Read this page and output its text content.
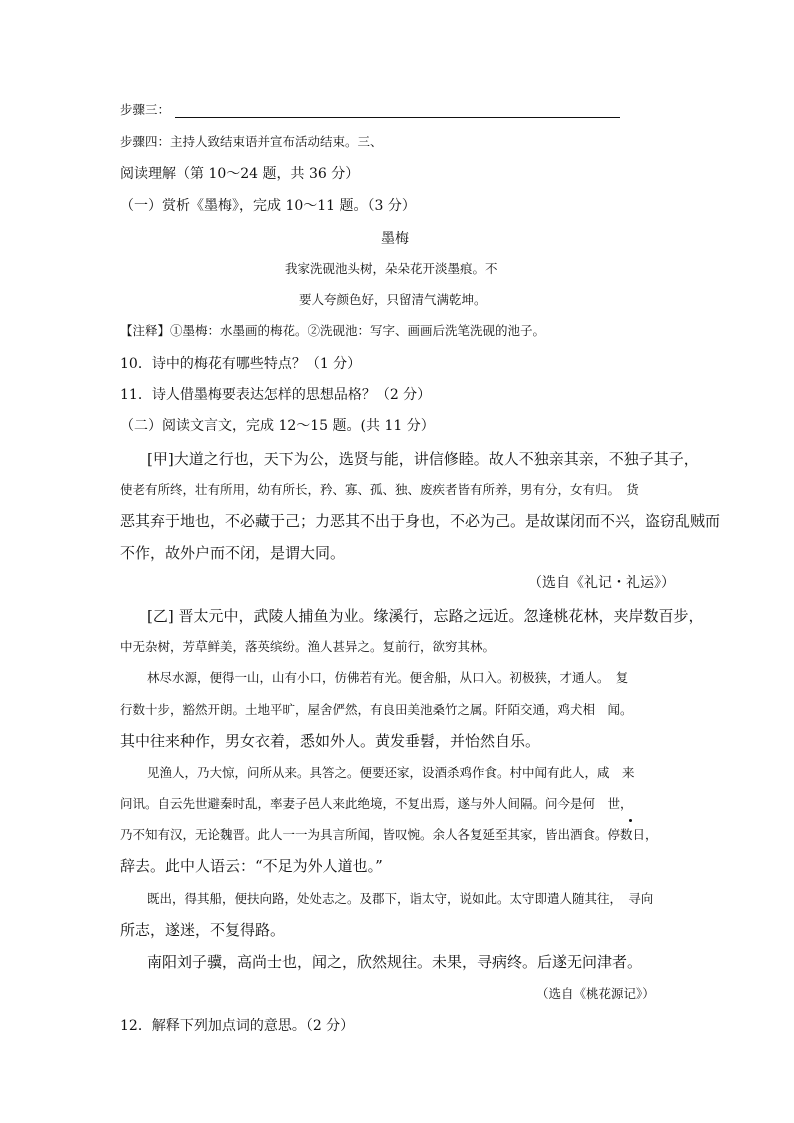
步骤三：
步骤四：主持人致结束语并宣布活动结束。三、
阅读理解（第 10～24 题，共 36 分）
（一）赏析《墨梅》，完成 10～11 题。（3 分）
墨梅
我家洗砚池头树，朵朵花开淡墨痕。不
要人夸颜色好，只留清气满乾坤。
【注释】①墨梅：水墨画的梅花。②洗砚池：写字、画画后洗笔洗砚的池子。
10．诗中的梅花有哪些特点？（1 分）
11．诗人借墨梅要表达怎样的思想品格？（2 分）
（二）阅读文言文，完成 12～15 题。(共 11 分）
[甲]大道之行也，天下为公，选贤与能，讲信修睦。故人不独亲其亲，不独子其子，
使老有所终，壮有所用，幼有所长，矜、寡、孤、独、废疾者皆有所养，男有分，女有归。　货
恶其弃于地也，不必藏于己；力恶其不出于身也，不必为己。是故谋闭而不兴，盗窃乱贼而
不作，故外户而不闭，是谓大同。
（选自《礼记・礼运》）
[乙] 晋太元中，武陵人捕鱼为业。缘溪行，忘路之远近。忽逢桃花林，夹岸数百步，
中无杂树，芳草鲜美，落英缤纷。渔人甚异之。复前行，欲穷其林。
林尽水源，便得一山，山有小口，仿佛若有光。便舍船，从口入。初极狭，才通人。　复
行数十步，豁然开朗。土地平旷，屋舍俨然，有良田美池桑竹之属。阡陌交通，鸡犬相　闻。
其中往来种作，男女衣着，悉如外人。黄发垂髫，并怡然自乐。
见渔人，乃大惊，问所从来。具答之。便要还家，设酒杀鸡作食。村中闻有此人，咸　来
问讯。自云先世避秦时乱，率妻子邑人来此绝境，不复出焉，遂与外人间隔。问今是何　世，
乃不知有汉，无论魏晋。此人一一为具言所闻，皆叹惋。余人各复延至其家，皆出酒食。停数日，
辞去。此中人语云：“不足为外人道也。”
既出，得其船，便扶向路，处处志之。及郡下，诣太守，说如此。太守即遣人随其往，　寻向
所志，遂迷，不复得路。
南阳刘子骥，高尚士也，闻之，欣然规往。未果，寻病终。后遂无问津者。
（选自《桃花源记》）
12．解释下列加点词的意思。（2 分）
